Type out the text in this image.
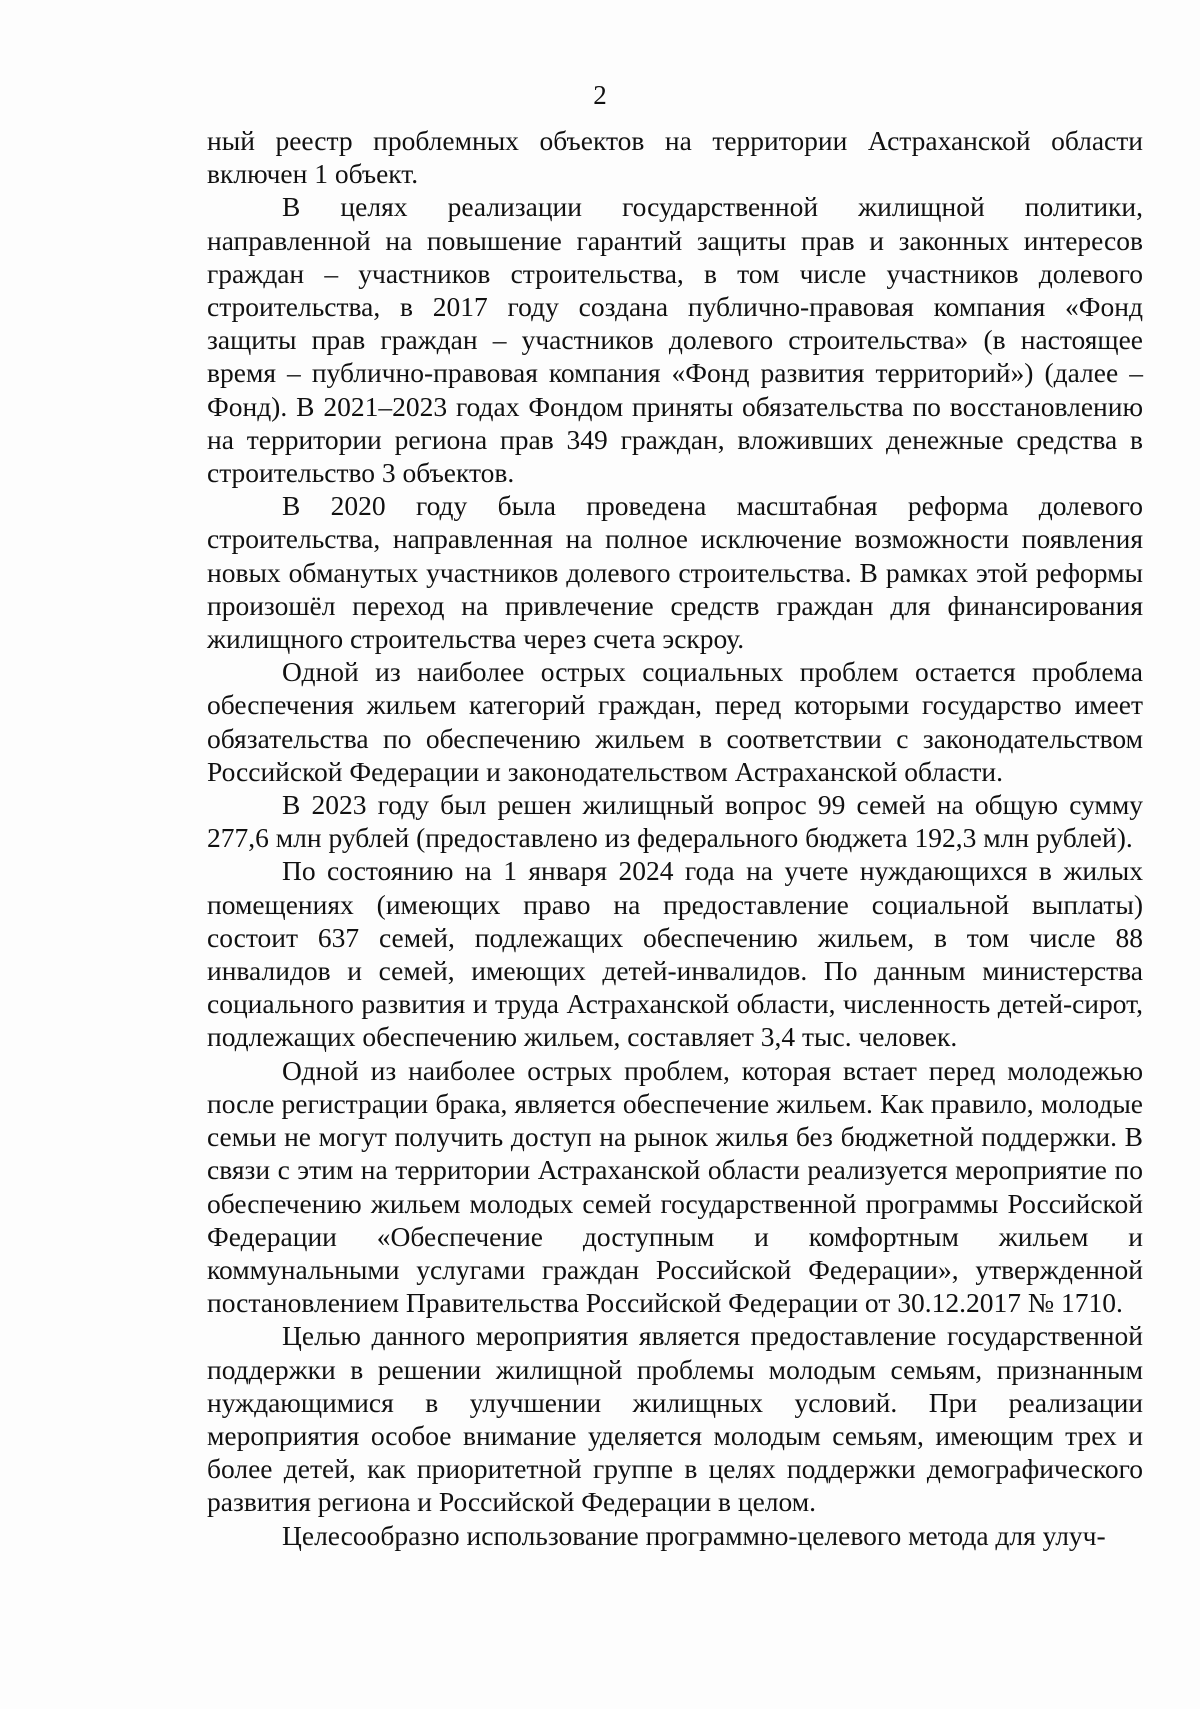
2

ный реестр проблемных объектов на территории Астраханской области включен 1 объект.

В целях реализации государственной жилищной политики, направленной на повышение гарантий защиты прав и законных интересов граждан – участников строительства, в том числе участников долевого строительства, в 2017 году создана публично-правовая компания «Фонд защиты прав граждан – участников долевого строительства» (в настоящее время – публично-правовая компания «Фонд развития территорий») (далее – Фонд). В 2021–2023 годах Фондом приняты обязательства по восстановлению на территории региона прав 349 граждан, вложивших денежные средства в строительство 3 объектов.

В 2020 году была проведена масштабная реформа долевого строительства, направленная на полное исключение возможности появления новых обманутых участников долевого строительства. В рамках этой реформы произошёл переход на привлечение средств граждан для финансирования жилищного строительства через счета эскроу.

Одной из наиболее острых социальных проблем остается проблема обеспечения жильем категорий граждан, перед которыми государство имеет обязательства по обеспечению жильем в соответствии с законодательством Российской Федерации и законодательством Астраханской области.

В 2023 году был решен жилищный вопрос 99 семей на общую сумму 277,6 млн рублей (предоставлено из федерального бюджета 192,3 млн рублей).

По состоянию на 1 января 2024 года на учете нуждающихся в жилых помещениях (имеющих право на предоставление социальной выплаты) состоит 637 семей, подлежащих обеспечению жильем, в том числе 88 инвалидов и семей, имеющих детей-инвалидов. По данным министерства социального развития и труда Астраханской области, численность детей-сирот, подлежащих обеспечению жильем, составляет 3,4 тыс. человек.

Одной из наиболее острых проблем, которая встает перед молодежью после регистрации брака, является обеспечение жильем. Как правило, молодые семьи не могут получить доступ на рынок жилья без бюджетной поддержки. В связи с этим на территории Астраханской области реализуется мероприятие по обеспечению жильем молодых семей государственной программы Российской Федерации «Обеспечение доступным и комфортным жильем и коммунальными услугами граждан Российской Федерации», утвержденной постановлением Правительства Российской Федерации от 30.12.2017 № 1710.

Целью данного мероприятия является предоставление государственной поддержки в решении жилищной проблемы молодым семьям, признанным нуждающимися в улучшении жилищных условий. При реализации мероприятия особое внимание уделяется молодым семьям, имеющим трех и более детей, как приоритетной группе в целях поддержки демографического развития региона и Российской Федерации в целом.

Целесообразно использование программно-целевого метода для улуч-
